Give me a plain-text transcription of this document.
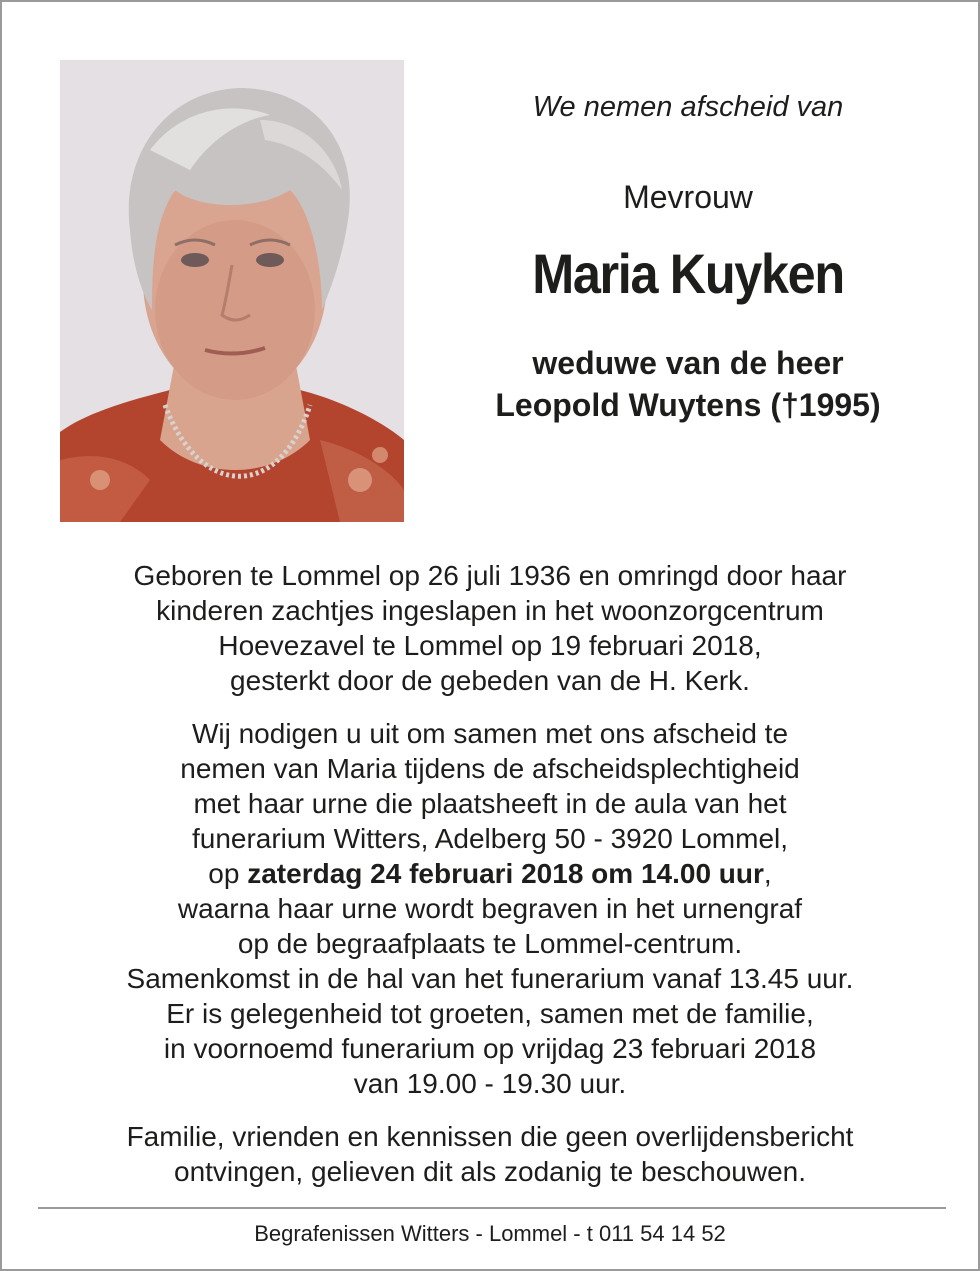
We nemen afscheid van

Mevrouw

Maria Kuyken

weduwe van de heer
Leopold Wuytens (†1995)

Geboren te Lommel op 26 juli 1936 en omringd door haar
kinderen zachtjes ingeslapen in het woonzorgcentrum
Hoevezavel te Lommel op 19 februari 2018,
gesterkt door de gebeden van de H. Kerk.

Wij nodigen u uit om samen met ons afscheid te
nemen van Maria tijdens de afscheidsplechtigheid
met haar urne die plaatsheeft in de aula van het
funerarium Witters, Adelberg 50 - 3920 Lommel,
op zaterdag 24 februari 2018 om 14.00 uur,
waarna haar urne wordt begraven in het urnengraf
op de begraafplaats te Lommel-centrum.
Samenkomst in de hal van het funerarium vanaf 13.45 uur.
Er is gelegenheid tot groeten, samen met de familie,
in voornoemd funerarium op vrijdag 23 februari 2018
van 19.00 - 19.30 uur.

Familie, vrienden en kennissen die geen overlijdensbericht
ontvingen, gelieven dit als zodanig te beschouwen.

Begrafenissen Witters - Lommel - t 011 54 14 52
